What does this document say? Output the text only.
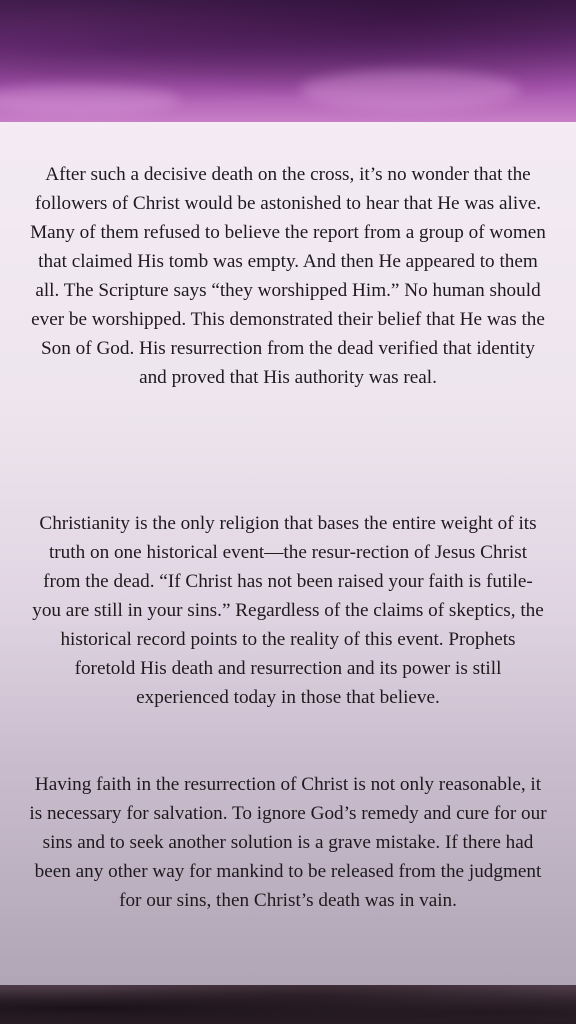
After such a decisive death on the cross, it’s no wonder that the followers of Christ would be astonished to hear that He was alive. Many of them refused to believe the report from a group of women that claimed His tomb was empty. And then He appeared to them all. The Scripture says “they worshipped Him.” No human should ever be worshipped. This demonstrated their belief that He was the Son of God. His resurrection from the dead verified that identity and proved that His authority was real.

Christianity is the only religion that bases the entire weight of its truth on one historical event—the resur-rection of Jesus Christ from the dead. “If Christ has not been raised your faith is futile- you are still in your sins.” Regardless of the claims of skeptics, the historical record points to the reality of this event. Prophets foretold His death and resurrection and its power is still experienced today in those that believe.

Having faith in the resurrection of Christ is not only reasonable, it is necessary for salvation. To ignore God’s remedy and cure for our sins and to seek another solution is a grave mistake. If there had been any other way for mankind to be released from the judgment for our sins, then Christ’s death was in vain.
